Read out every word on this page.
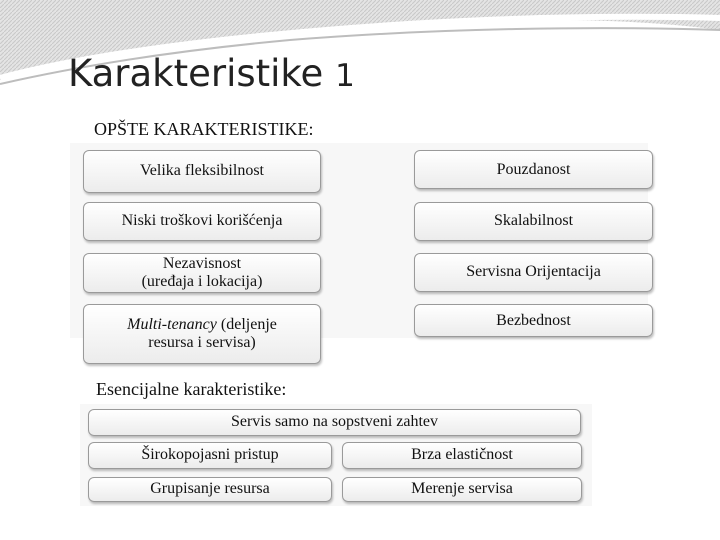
Karakteristike 1
OPŠTE KARAKTERISTIKE:
Velika fleksibilnost	Pouzdanost
Niski troškovi korišćenja	Skalabilnost
Nezavisnost
(uređaja i lokacija)
Servisna Orijentacija
Multi-tenancy (deljenje
resursa i servisa)
Bezbednost
Esencijalne karakteristike:
Servis samo na sopstveni zahtev
Širokopojasni pristup	Brza elastičnost
Grupisanje resursa	Merenje servisa
